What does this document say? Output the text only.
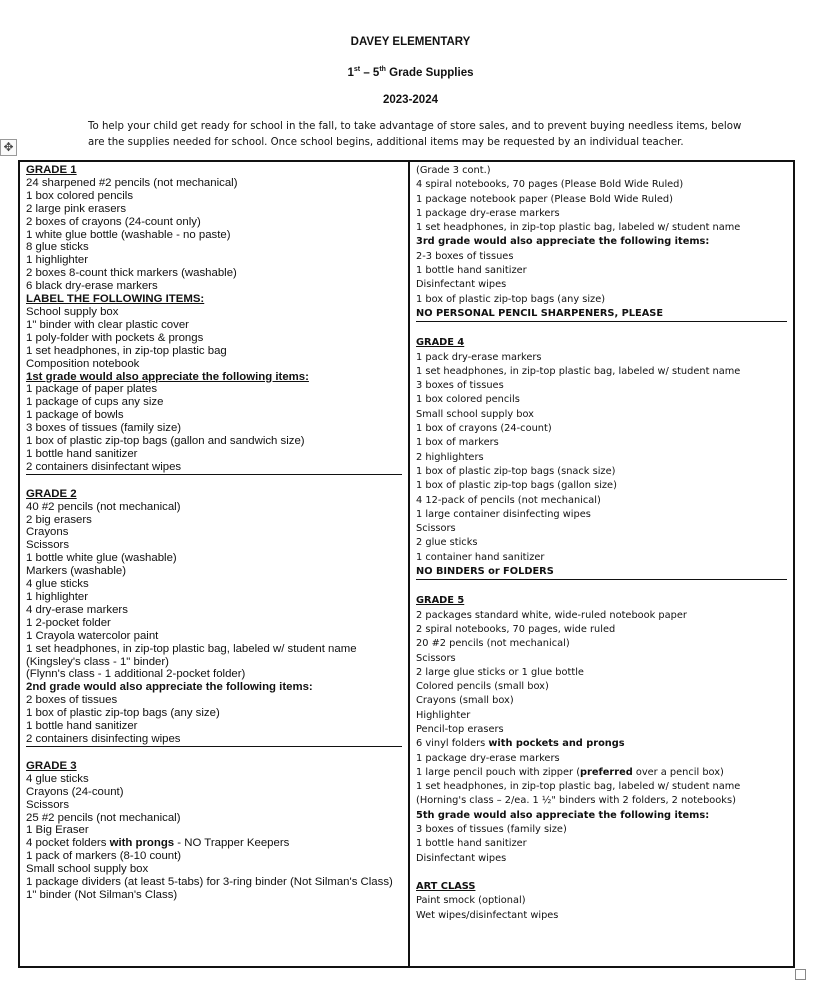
DAVEY ELEMENTARY
1st – 5th Grade Supplies
2023-2024
To help your child get ready for school in the fall, to take advantage of store sales, and to prevent buying needless items, below are the supplies needed for school. Once school begins, additional items may be requested by an individual teacher.
✥
GRADE 1
24 sharpened #2 pencils (not mechanical)
1 box colored pencils
2 large pink erasers
2 boxes of crayons (24-count only)
1 white glue bottle (washable - no paste)
8 glue sticks
1 highlighter
2 boxes 8-count thick markers (washable)
6 black dry-erase markers
LABEL THE FOLLOWING ITEMS:
School supply box
1" binder with clear plastic cover
1 poly-folder with pockets & prongs
1 set headphones, in zip-top plastic bag
Composition notebook
1st grade would also appreciate the following items:
1 package of paper plates
1 package of cups any size
1 package of bowls
3 boxes of tissues (family size)
1 box of plastic zip-top bags (gallon and sandwich size)
1 bottle hand sanitizer
2 containers disinfectant wipes
GRADE 2
40 #2 pencils (not mechanical)
2 big erasers
Crayons
Scissors
1 bottle white glue (washable)
Markers (washable)
4 glue sticks
1 highlighter
4 dry-erase markers
1 2-pocket folder
1 Crayola watercolor paint
1 set headphones, in zip-top plastic bag, labeled w/ student name
(Kingsley's class - 1" binder)
(Flynn's class - 1 additional 2-pocket folder)
2nd grade would also appreciate the following items:
2 boxes of tissues
1 box of plastic zip-top bags (any size)
1 bottle hand sanitizer
2 containers disinfecting wipes
GRADE 3
4 glue sticks
Crayons (24-count)
Scissors
25 #2 pencils (not mechanical)
1 Big Eraser
4 pocket folders with prongs - NO Trapper Keepers
1 pack of markers (8-10 count)
Small school supply box
1 package dividers (at least 5-tabs) for 3-ring binder (Not Silman's Class)
1" binder (Not Silman's Class)

(Grade 3 cont.)
4 spiral notebooks, 70 pages (Please Bold Wide Ruled)
1 package notebook paper (Please Bold Wide Ruled)
1 package dry-erase markers
1 set headphones, in zip-top plastic bag, labeled w/ student name
3rd grade would also appreciate the following items:
2-3 boxes of tissues
1 bottle hand sanitizer
Disinfectant wipes
1 box of plastic zip-top bags (any size)
NO PERSONAL PENCIL SHARPENERS, PLEASE
GRADE 4
1 pack dry-erase markers
1 set headphones, in zip-top plastic bag, labeled w/ student name
3 boxes of tissues
1 box colored pencils
Small school supply box
1 box of crayons (24-count)
1 box of markers
2 highlighters
1 box of plastic zip-top bags (snack size)
1 box of plastic zip-top bags (gallon size)
4 12-pack of pencils (not mechanical)
1 large container disinfecting wipes
Scissors
2 glue sticks
1 container hand sanitizer
NO BINDERS or FOLDERS
GRADE 5
2 packages standard white, wide-ruled notebook paper
2 spiral notebooks, 70 pages, wide ruled
20 #2 pencils (not mechanical)
Scissors
2 large glue sticks or 1 glue bottle
Colored pencils (small box)
Crayons (small box)
Highlighter
Pencil-top erasers
6 vinyl folders with pockets and prongs
1 package dry-erase markers
1 large pencil pouch with zipper (preferred over a pencil box)
1 set headphones, in zip-top plastic bag, labeled w/ student name
(Horning's class – 2/ea. 1 ½" binders with 2 folders, 2 notebooks)
5th grade would also appreciate the following items:
3 boxes of tissues (family size)
1 bottle hand sanitizer
Disinfectant wipes
ART CLASS
Paint smock (optional)
Wet wipes/disinfectant wipes
